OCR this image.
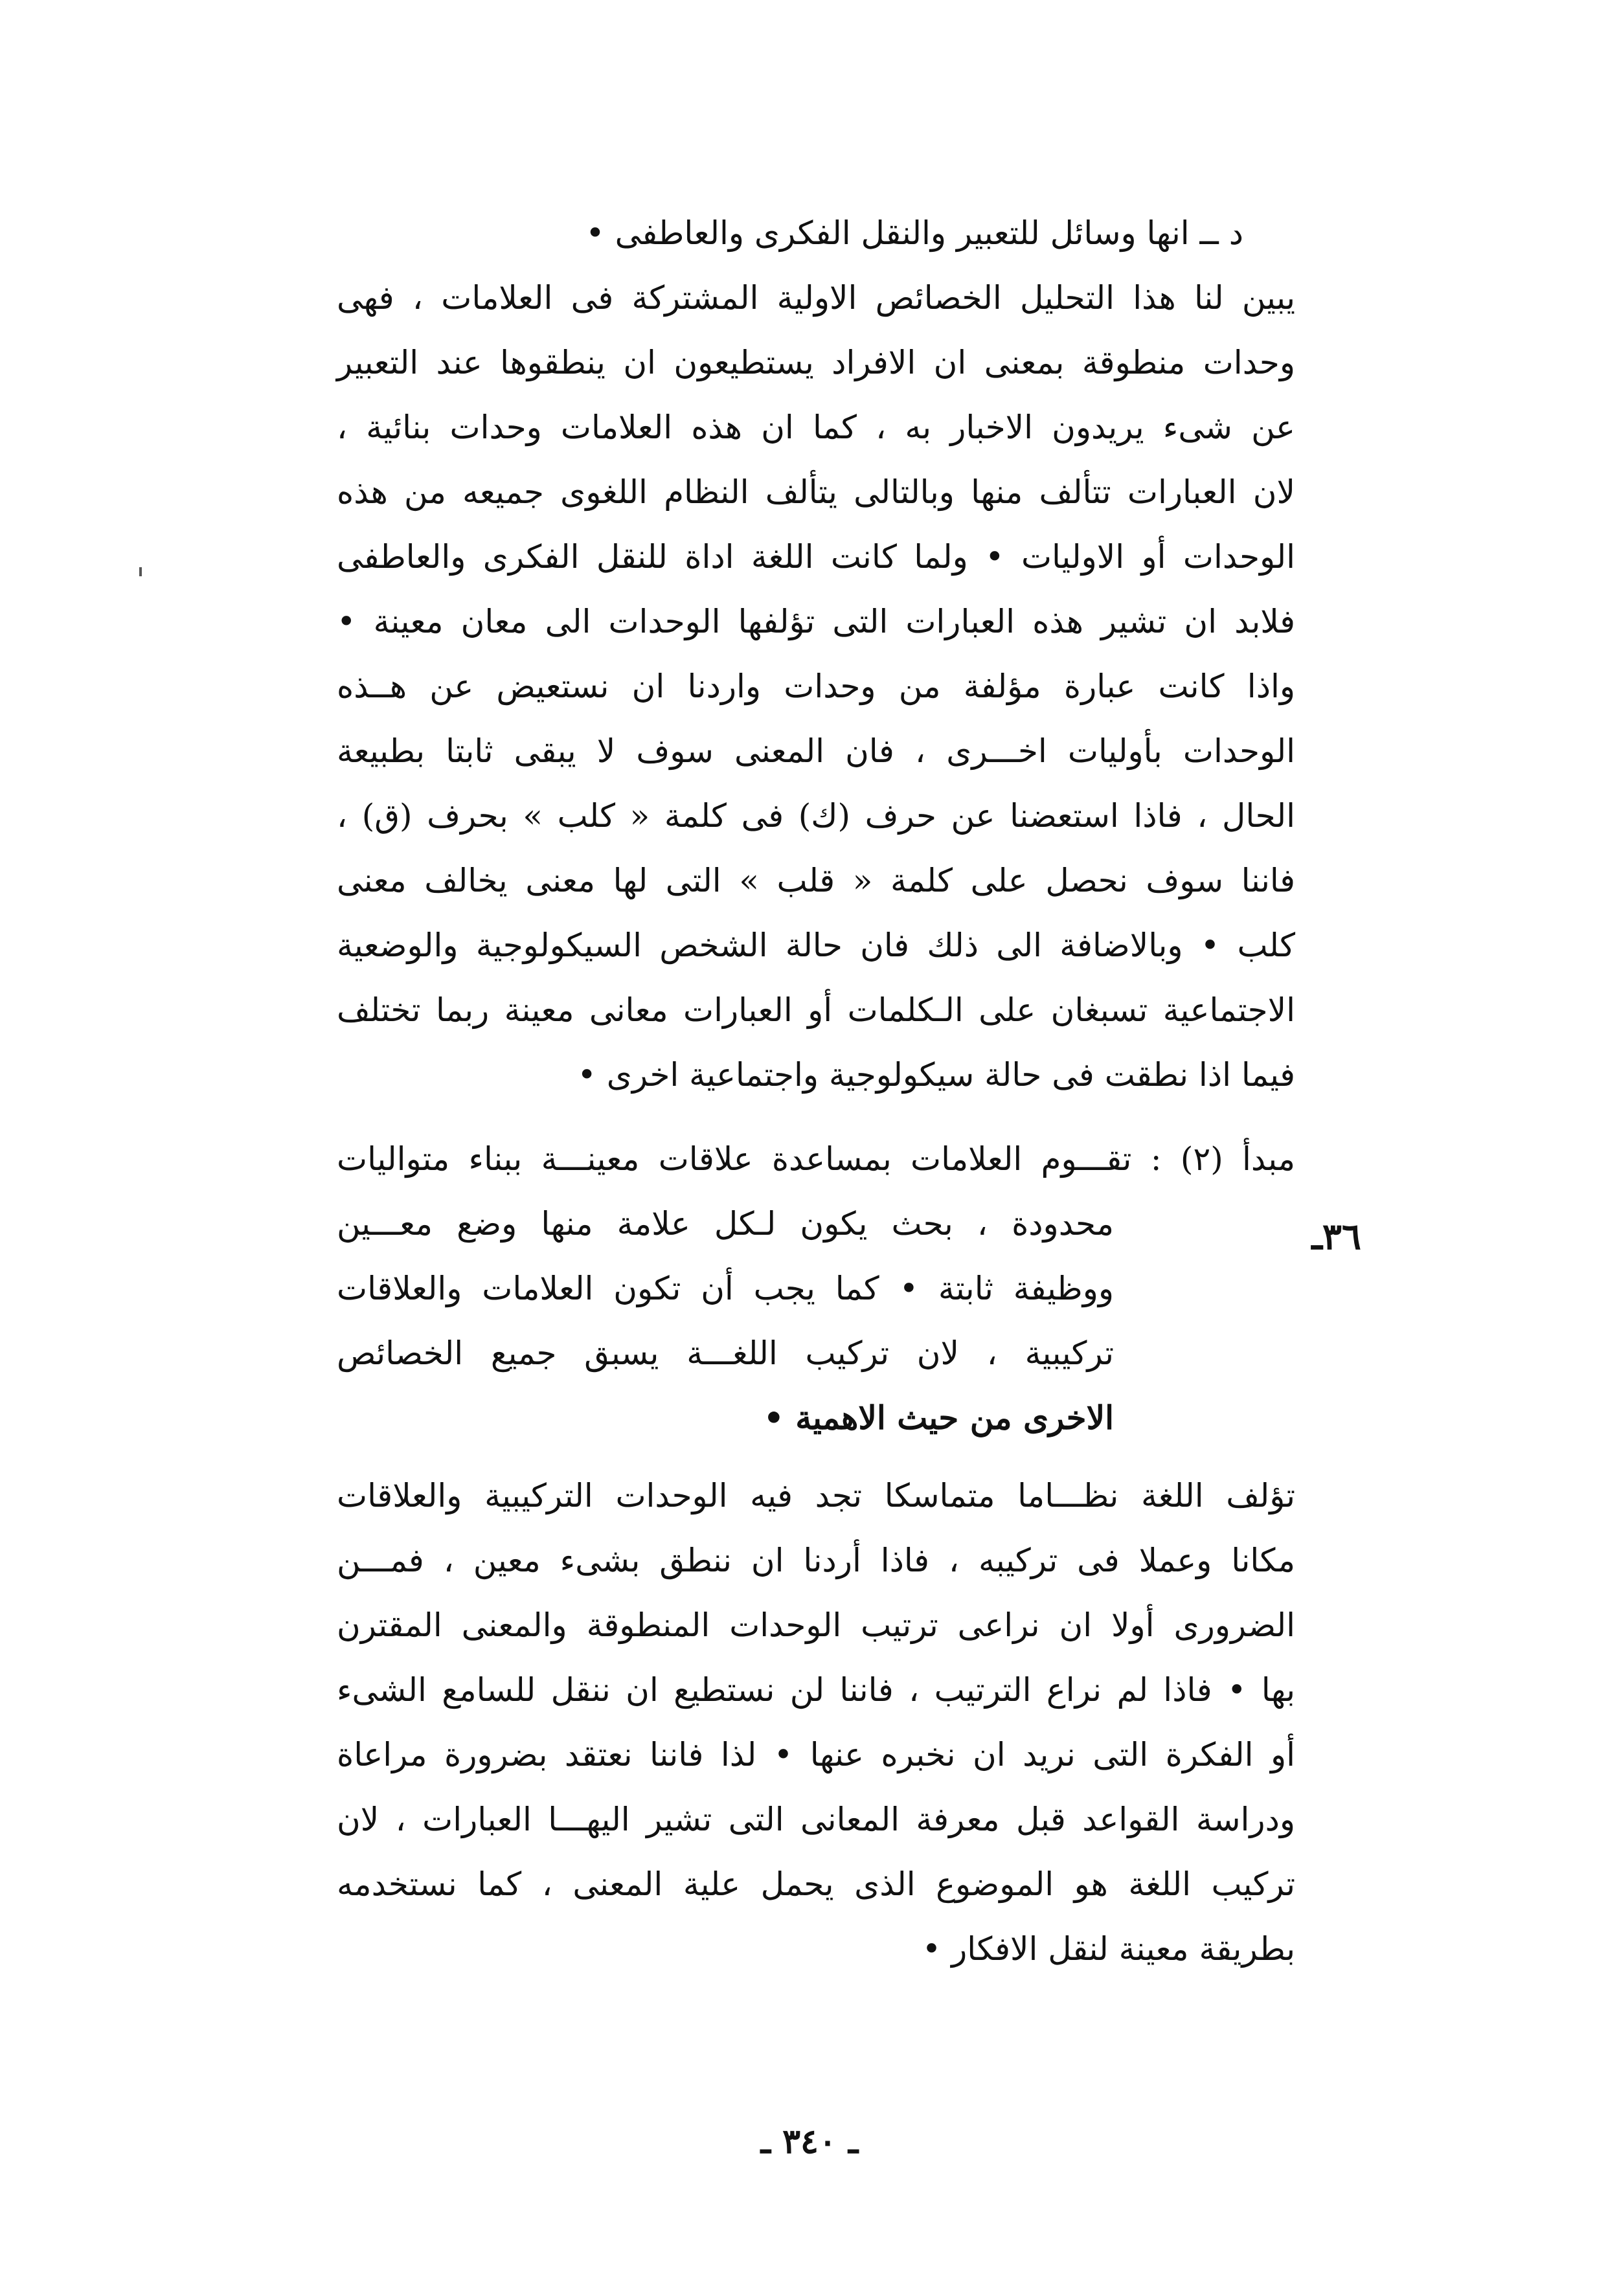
د ــ انها وسائل للتعبير والنقل الفكرى والعاطفى •

يبين لنا هذا التحليل الخصائص الاولية المشتركة فى العلامات ، فهى

وحدات منطوقة بمعنى ان الافراد يستطيعون ان ينطقوها عند التعبير

عن شىء يريدون الاخبار به ، كما ان هذه العلامات وحدات بنائية ،

لان العبارات تتألف منها وبالتالى يتألف النظام اللغوى جميعه من هذه

الوحدات أو الاوليات • ولما كانت اللغة اداة للنقل الفكرى والعاطفى

فلابد ان تشير هذه العبارات التى تؤلفها الوحدات الى معان معينة •

واذا كانت عبارة مؤلفة من وحدات واردنا ان نستعيض عن هــذه

الوحدات بأوليات اخـــرى ، فان المعنى سوف لا يبقى ثابتا بطبيعة

الحال ، فاذا استعضنا عن حرف (ك) فى كلمة « كلب » بحرف (ق) ،

فاننا سوف نحصل على كلمة « قلب » التى لها معنى يخالف معنى

كلب • وبالاضافة الى ذلك فان حالة الشخص السيكولوجية والوضعية

الاجتماعية تسبغان على الـكلمات أو العبارات معانى معينة ربما تختلف

فيما اذا نطقت فى حالة سيكولوجية واجتماعية اخرى •

٣٦ـ

مبدأ (٢) : تقـــوم العلامات بمساعدة علاقات معينـــة ببناء متواليات

محدودة ، بحث يكون لـكل علامة منها وضع معـــين

ووظيفة ثابتة • كما يجب أن تكون العلامات والعلاقات

تركيبية ، لان تركيب اللغـــة يسبق جميع الخصائص

الاخرى من حيث الاهمية •

تؤلف اللغة نظـــاما متماسكا تجد فيه الوحدات التركيبية والعلاقات

مكانا وعملا فى تركيبه ، فاذا أردنا ان ننطق بشىء معين ، فمـــن

الضرورى أولا ان نراعى ترتيب الوحدات المنطوقة والمعنى المقترن

بها • فاذا لم نراع الترتيب ، فاننا لن نستطيع ان ننقل للسامع الشىء

أو الفكرة التى نريد ان نخبره عنها • لذا فاننا نعتقد بضرورة مراعاة

ودراسة القواعد قبل معرفة المعانى التى تشير اليهـــا العبارات ، لان

تركيب اللغة هو الموضوع الذى يحمل علية المعنى ، كما نستخدمه

بطريقة معينة لنقل الافكار •

ـ ٣٤٠ ـ
